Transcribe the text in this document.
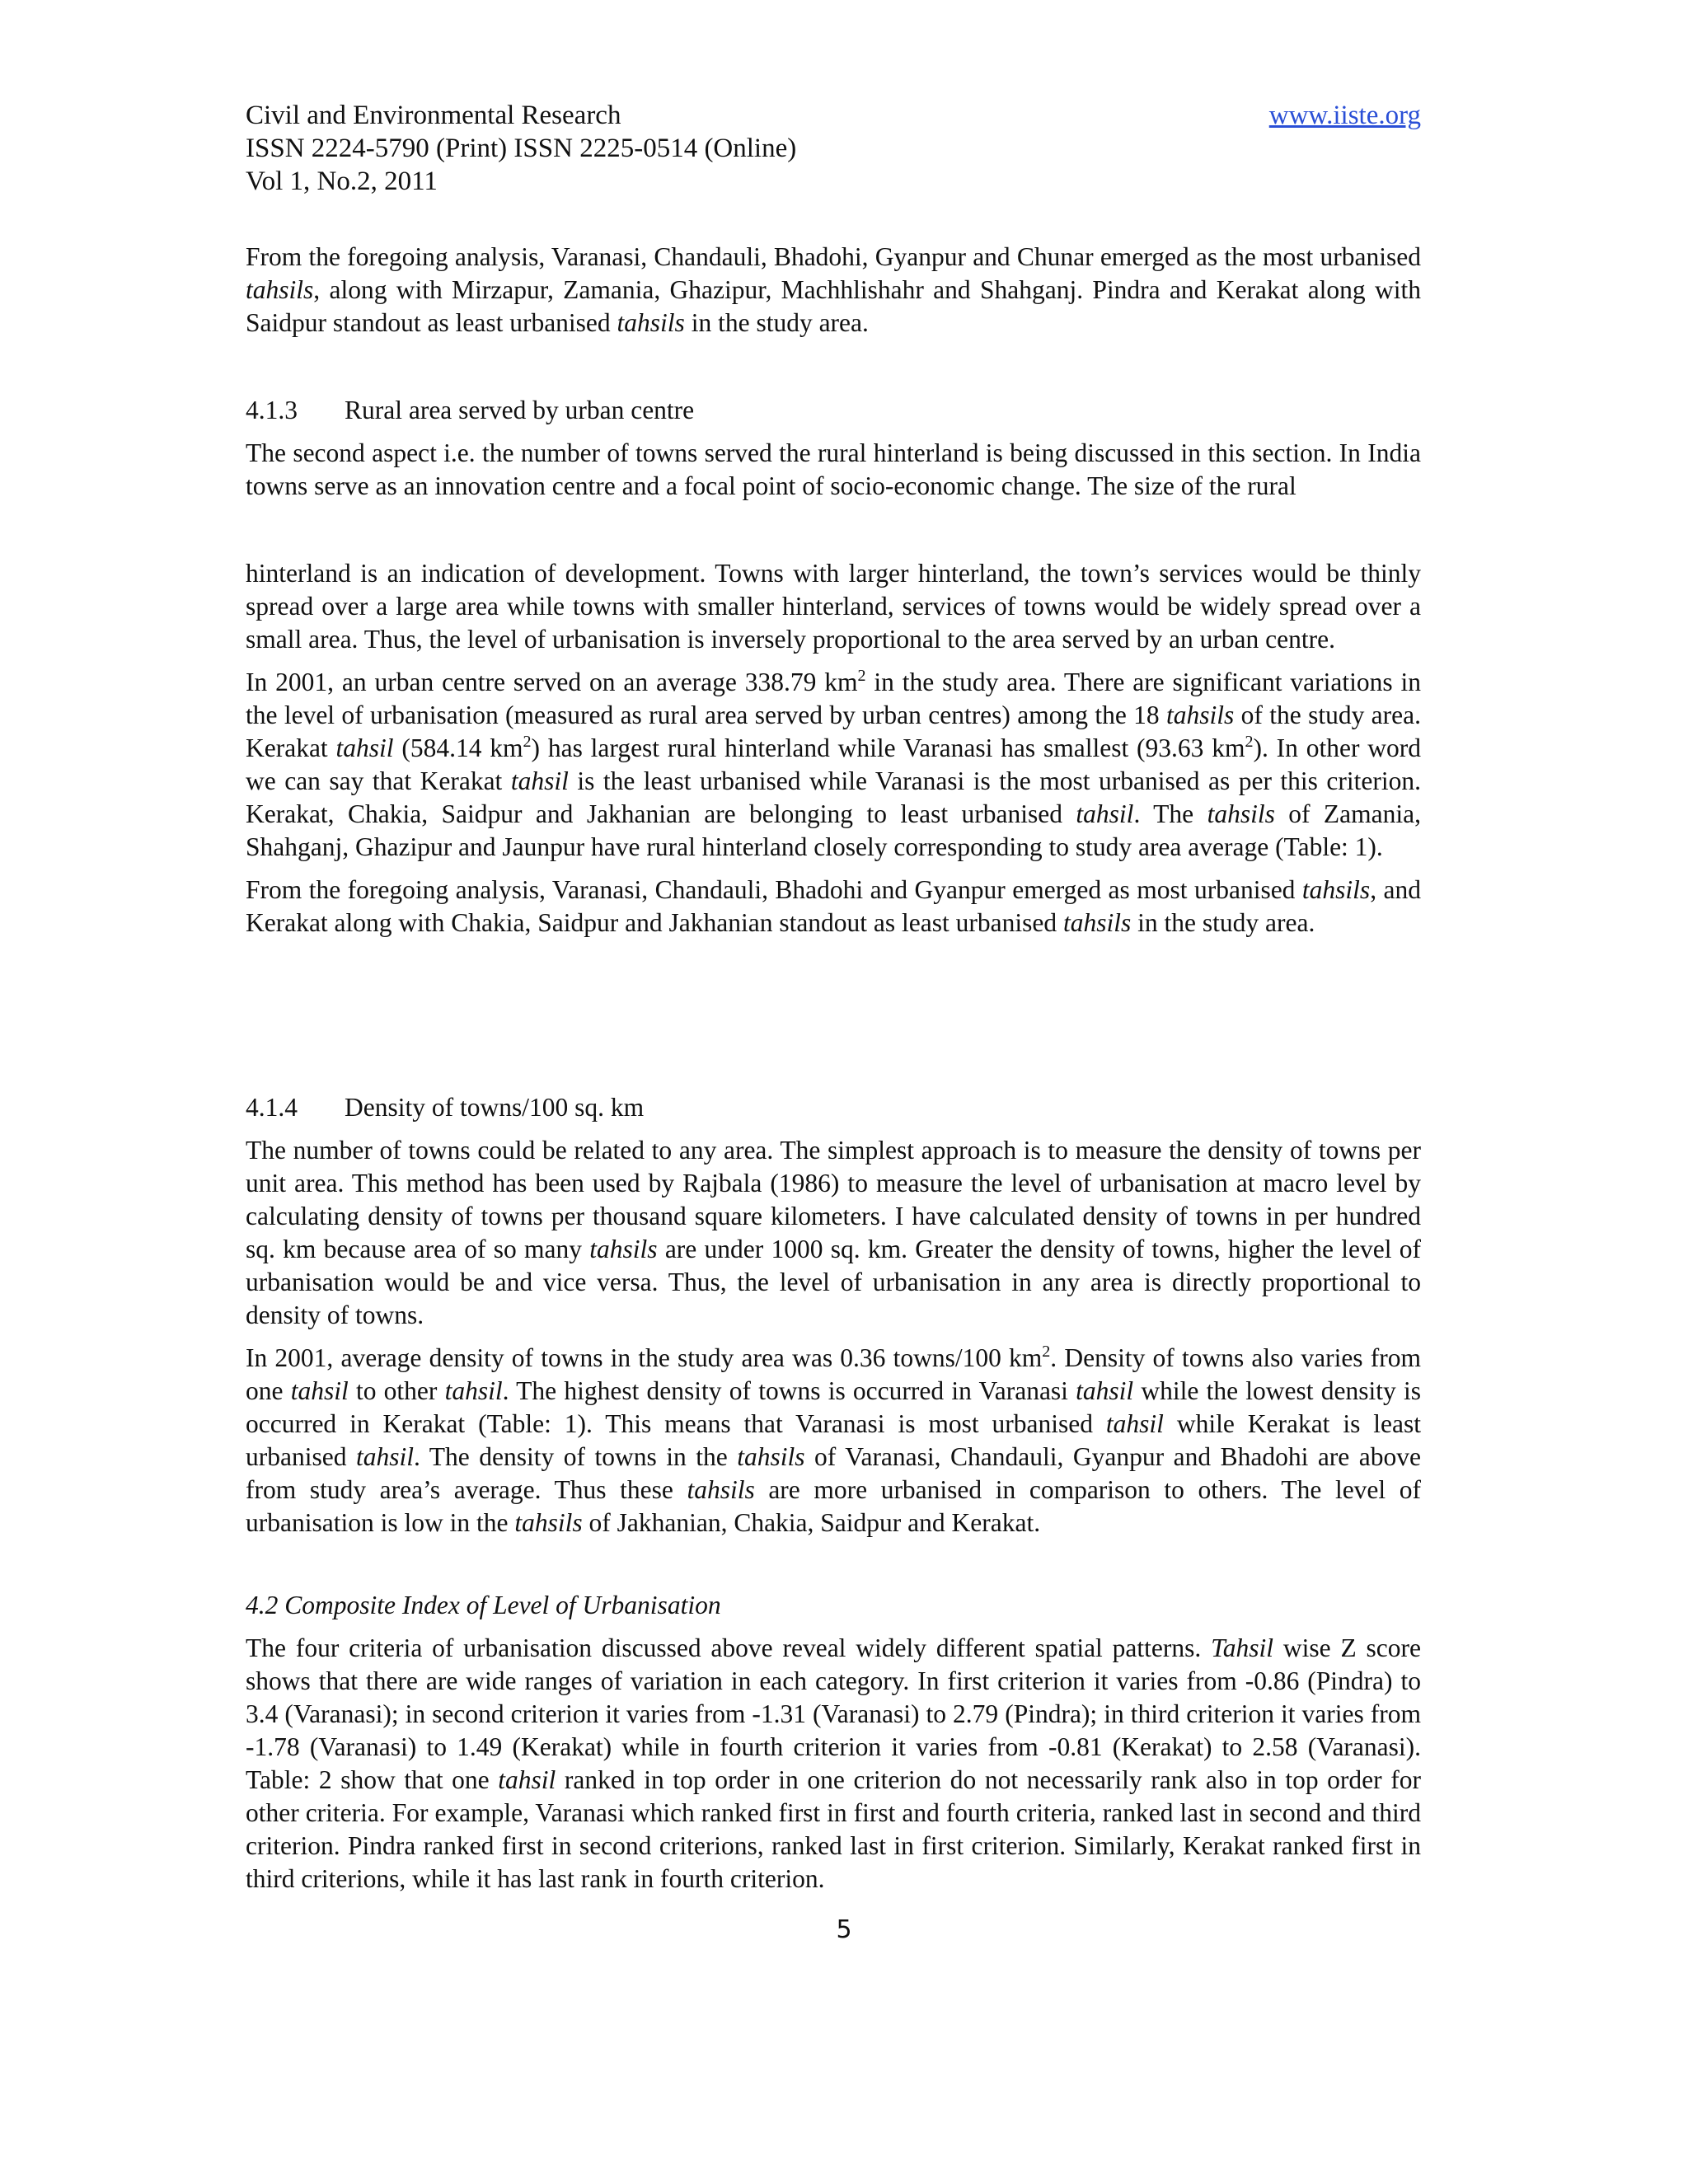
Civil and Environmental Research	www.iiste.org
ISSN 2224-5790 (Print) ISSN 2225-0514 (Online)
Vol 1, No.2, 2011

From the foregoing analysis, Varanasi, Chandauli, Bhadohi, Gyanpur and Chunar emerged as the most urbanised tahsils, along with Mirzapur, Zamania, Ghazipur, Machhlishahr and Shahganj. Pindra and Kerakat along with Saidpur standout as least urbanised tahsils in the study area.

4.1.3 Rural area served by urban centre

The second aspect i.e. the number of towns served the rural hinterland is being discussed in this section. In India towns serve as an innovation centre and a focal point of socio-economic change. The size of the rural

hinterland is an indication of development. Towns with larger hinterland, the town’s services would be thinly spread over a large area while towns with smaller hinterland, services of towns would be widely spread over a small area. Thus, the level of urbanisation is inversely proportional to the area served by an urban centre.

In 2001, an urban centre served on an average 338.79 $km^2$ in the study area. There are significant variations in the level of urbanisation (measured as rural area served by urban centres) among the 18 tahsils of the study area. Kerakat tahsil (584.14 $km^2$) has largest rural hinterland while Varanasi has smallest (93.63 $km^2$). In other word we can say that Kerakat tahsil is the least urbanised while Varanasi is the most urbanised as per this criterion. Kerakat, Chakia, Saidpur and Jakhanian are belonging to least urbanised tahsil. The tahsils of Zamania, Shahganj, Ghazipur and Jaunpur have rural hinterland closely corresponding to study area average (Table: 1).

From the foregoing analysis, Varanasi, Chandauli, Bhadohi and Gyanpur emerged as most urbanised tahsils, and Kerakat along with Chakia, Saidpur and Jakhanian standout as least urbanised tahsils in the study area.

4.1.4 Density of towns/100 sq. km

The number of towns could be related to any area. The simplest approach is to measure the density of towns per unit area. This method has been used by Rajbala (1986) to measure the level of urbanisation at macro level by calculating density of towns per thousand square kilometers. I have calculated density of towns in per hundred sq. km because area of so many tahsils are under 1000 sq. km. Greater the density of towns, higher the level of urbanisation would be and vice versa. Thus, the level of urbanisation in any area is directly proportional to density of towns.

In 2001, average density of towns in the study area was 0.36 towns/100 $km^2$. Density of towns also varies from one tahsil to other tahsil. The highest density of towns is occurred in Varanasi tahsil while the lowest density is occurred in Kerakat (Table: 1). This means that Varanasi is most urbanised tahsil while Kerakat is least urbanised tahsil. The density of towns in the tahsils of Varanasi, Chandauli, Gyanpur and Bhadohi are above from study area’s average. Thus these tahsils are more urbanised in comparison to others. The level of urbanisation is low in the tahsils of Jakhanian, Chakia, Saidpur and Kerakat.

4.2 Composite Index of Level of Urbanisation

The four criteria of urbanisation discussed above reveal widely different spatial patterns. Tahsil wise Z score shows that there are wide ranges of variation in each category. In first criterion it varies from -0.86 (Pindra) to 3.4 (Varanasi); in second criterion it varies from -1.31 (Varanasi) to 2.79 (Pindra); in third criterion it varies from -1.78 (Varanasi) to 1.49 (Kerakat) while in fourth criterion it varies from -0.81 (Kerakat) to 2.58 (Varanasi). Table: 2 show that one tahsil ranked in top order in one criterion do not necessarily rank also in top order for other criteria. For example, Varanasi which ranked first in first and fourth criteria, ranked last in second and third criterion. Pindra ranked first in second criterions, ranked last in first criterion. Similarly, Kerakat ranked first in third criterions, while it has last rank in fourth criterion.

5
